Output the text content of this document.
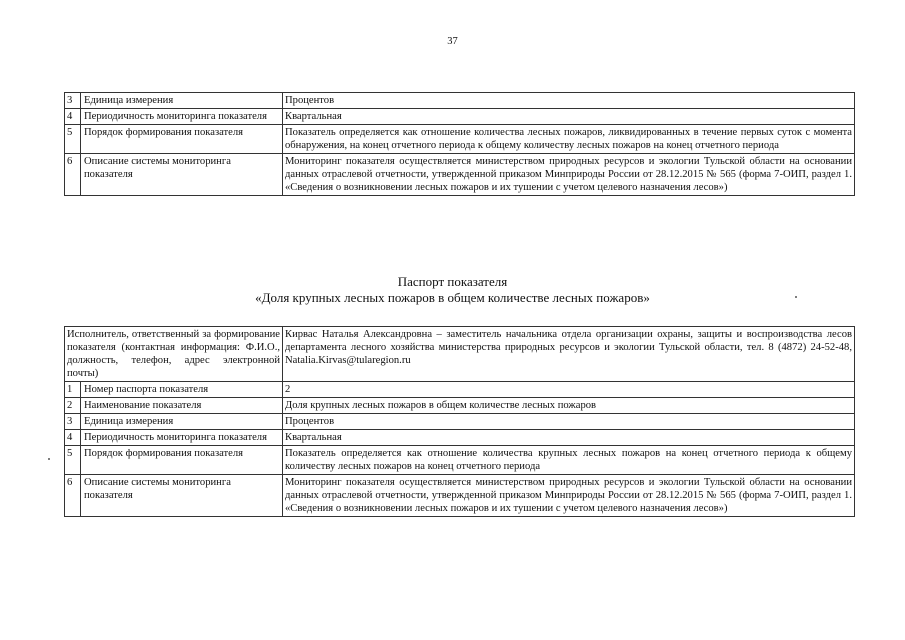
37
3	Единица измерения	Процентов
4	Периодичность мониторинга показателя	Квартальная
5	Порядок формирования показателя	Показатель определяется как отношение количества лесных пожаров, ликвидированных в течение первых суток с момента обнаружения, на конец отчетного периода к общему количеству лесных пожаров на конец отчетного периода
6	Описание системы мониторинга показателя	Мониторинг показателя осуществляется министерством природных ресурсов и экологии Тульской области на основании данных отраслевой отчетности, утвержденной приказом Минприроды России от 28.12.2015 № 565 (форма 7-ОИП, раздел 1. «Сведения о возникновении лесных пожаров и их тушении с учетом целевого назначения лесов»)
Паспорт показателя
«Доля крупных лесных пожаров в общем количестве лесных пожаров»
Исполнитель, ответственный за формирование показателя (контактная информация: Ф.И.О., должность, телефон, адрес электронной почты)		Кирвас Наталья Александровна – заместитель начальника отдела организации охраны, защиты и воспроизводства лесов департамента лесного хозяйства министерства природных ресурсов и экологии Тульской области, тел. 8 (4872) 24-52-48, Natalia.Kirvas@tularegion.ru
1	Номер паспорта показателя	2
2	Наименование показателя	Доля крупных лесных пожаров в общем количестве лесных пожаров
3	Единица измерения	Процентов
4	Периодичность мониторинга показателя	Квартальная
5	Порядок формирования показателя	Показатель определяется как отношение количества крупных лесных пожаров на конец отчетного периода к общему количеству лесных пожаров на конец отчетного периода
6	Описание системы мониторинга показателя	Мониторинг показателя осуществляется министерством природных ресурсов и экологии Тульской области на основании данных отраслевой отчетности, утвержденной приказом Минприроды России от 28.12.2015 № 565 (форма 7-ОИП, раздел 1. «Сведения о возникновении лесных пожаров и их тушении с учетом целевого назначения лесов»)
